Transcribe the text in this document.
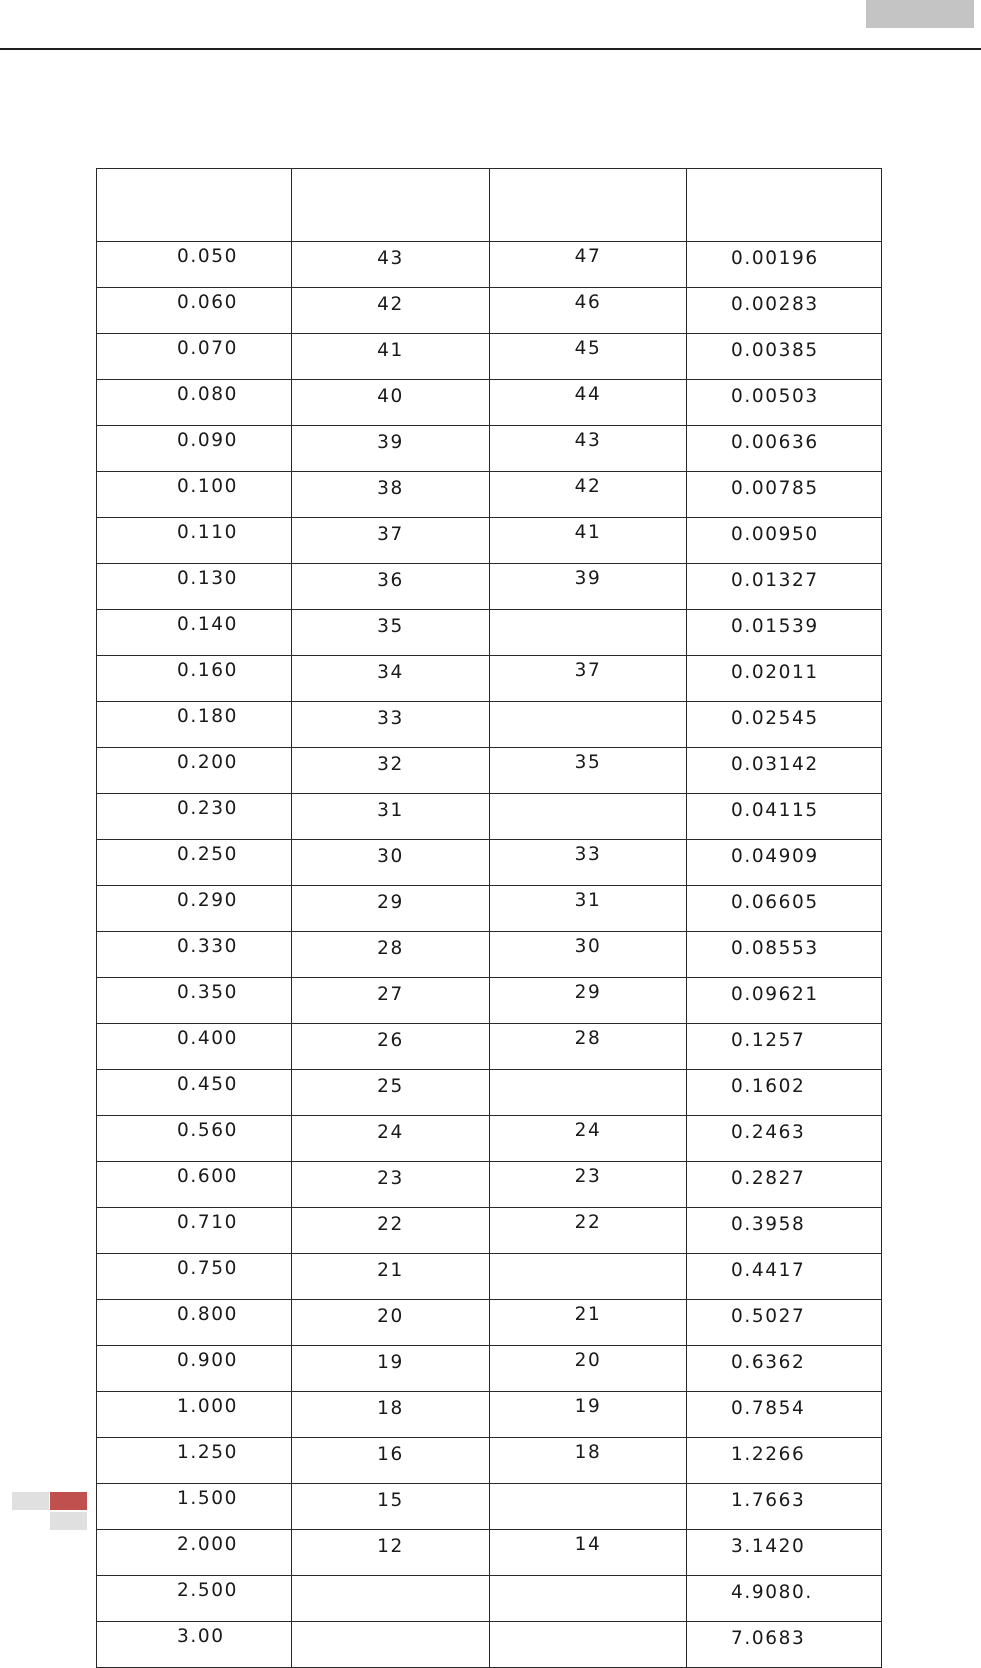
0.050	43	47	0.00196
0.060	42	46	0.00283
0.070	41	45	0.00385
0.080	40	44	0.00503
0.090	39	43	0.00636
0.100	38	42	0.00785
0.110	37	41	0.00950
0.130	36	39	0.01327
0.140	35		0.01539
0.160	34	37	0.02011
0.180	33		0.02545
0.200	32	35	0.03142
0.230	31		0.04115
0.250	30	33	0.04909
0.290	29	31	0.06605
0.330	28	30	0.08553
0.350	27	29	0.09621
0.400	26	28	0.1257
0.450	25		0.1602
0.560	24	24	0.2463
0.600	23	23	0.2827
0.710	22	22	0.3958
0.750	21		0.4417
0.800	20	21	0.5027
0.900	19	20	0.6362
1.000	18	19	0.7854
1.250	16	18	1.2266
1.500	15		1.7663
2.000	12	14	3.1420
2.500			4.9080.
3.00			7.0683
